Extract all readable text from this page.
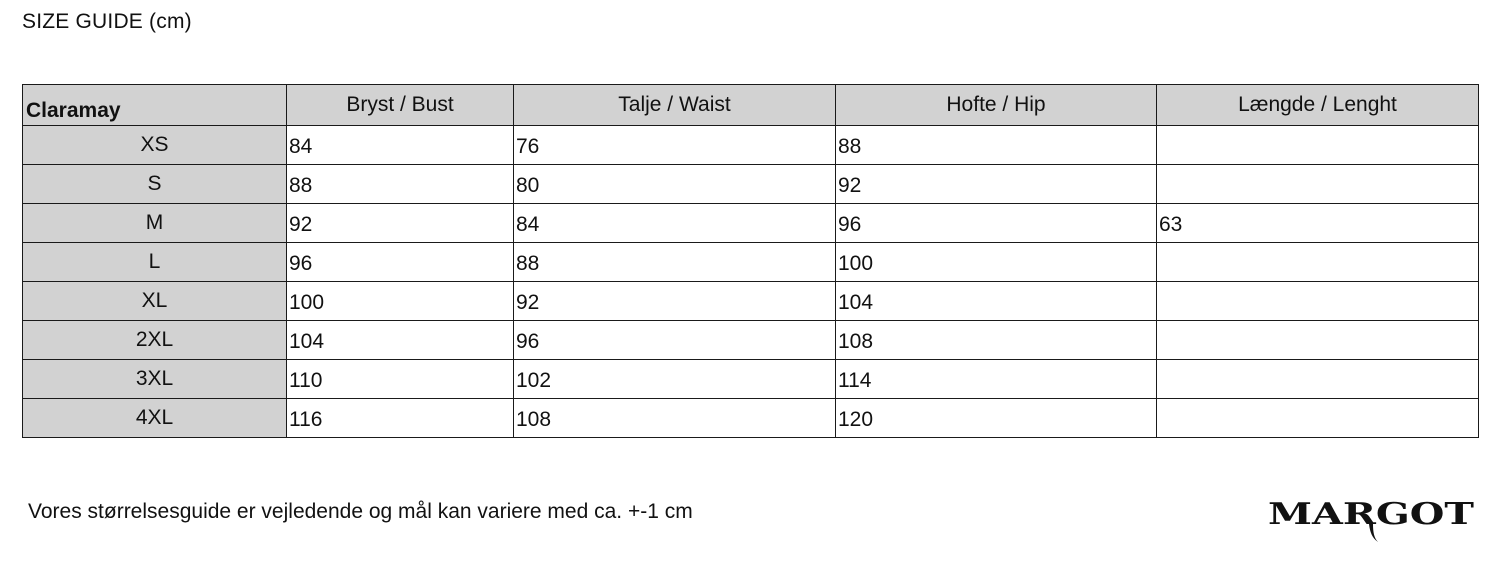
SIZE GUIDE (cm)
Claramay	Bryst / Bust	Talje / Waist	Hofte / Hip	Længde / Lenght
XS	84	76	88	
S	88	80	92	
M	92	84	96	63
L	96	88	100	
XL	100	92	104	
2XL	104	96	108	
3XL	110	102	114	
4XL	116	108	120	
Vores størrelsesguide er vejledende og mål kan variere med ca. +-1 cm	MARGOT
